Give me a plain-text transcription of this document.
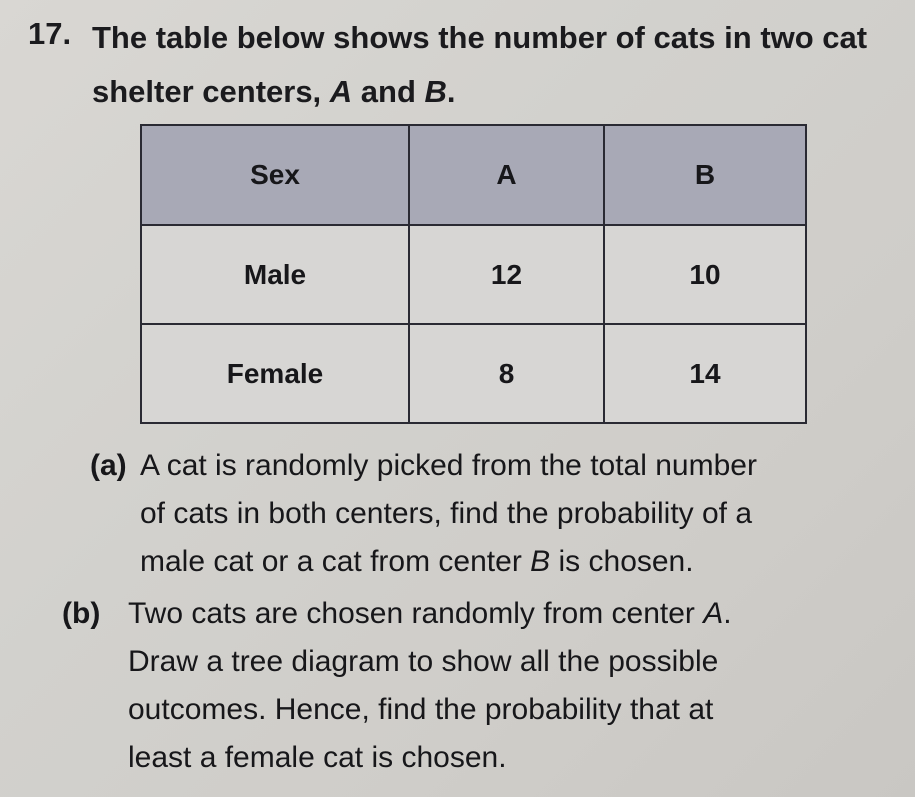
17. The table below shows the number of cats in two cat
shelter centers, A and B.
Sex	A	B
Male	12	10
Female	8	14
(a) A cat is randomly picked from the total number
of cats in both centers, find the probability of a
male cat or a cat from center B is chosen.
(b) Two cats are chosen randomly from center A.
Draw a tree diagram to show all the possible
outcomes. Hence, find the probability that at
least a female cat is chosen.
